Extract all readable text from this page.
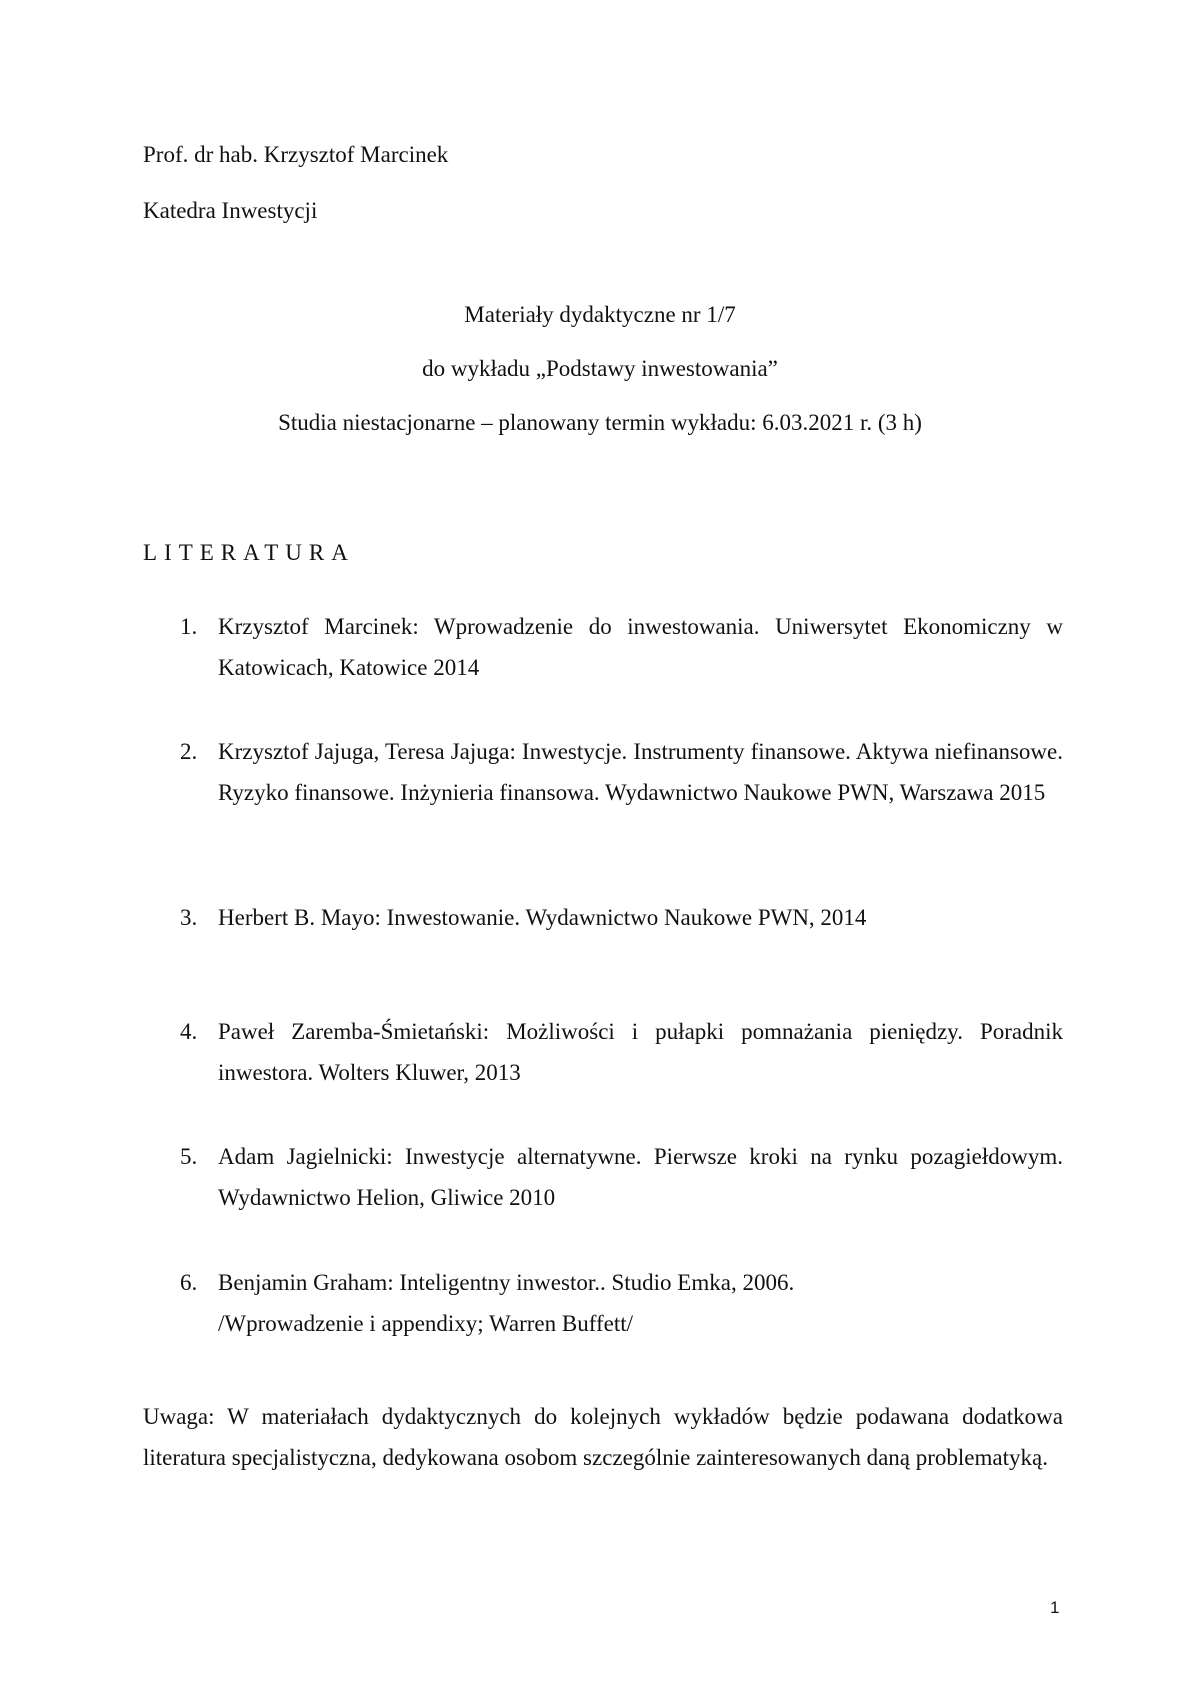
Prof. dr hab. Krzysztof Marcinek
Katedra Inwestycji
Materiały dydaktyczne nr 1/7
do wykładu „Podstawy inwestowania”
Studia niestacjonarne – planowany termin wykładu: 6.03.2021 r. (3 h)
LITERATURA
1. Krzysztof Marcinek: Wprowadzenie do inwestowania. Uniwersytet Ekonomiczny w Katowicach, Katowice 2014
2. Krzysztof Jajuga, Teresa Jajuga: Inwestycje. Instrumenty finansowe. Aktywa niefinansowe. Ryzyko finansowe. Inżynieria finansowa. Wydawnictwo Naukowe PWN, Warszawa 2015
3. Herbert B. Mayo: Inwestowanie. Wydawnictwo Naukowe PWN, 2014
4. Paweł Zaremba-Śmietański: Możliwości i pułapki pomnażania pieniędzy. Poradnik inwestora. Wolters Kluwer, 2013
5. Adam Jagielnicki: Inwestycje alternatywne. Pierwsze kroki na rynku pozagiełdowym. Wydawnictwo Helion, Gliwice 2010
6. Benjamin Graham: Inteligentny inwestor.. Studio Emka, 2006.
/Wprowadzenie i appendixy; Warren Buffett/
Uwaga: W materiałach dydaktycznych do kolejnych wykładów będzie podawana dodatkowa literatura specjalistyczna, dedykowana osobom szczególnie zainteresowanych daną problematyką.
1
